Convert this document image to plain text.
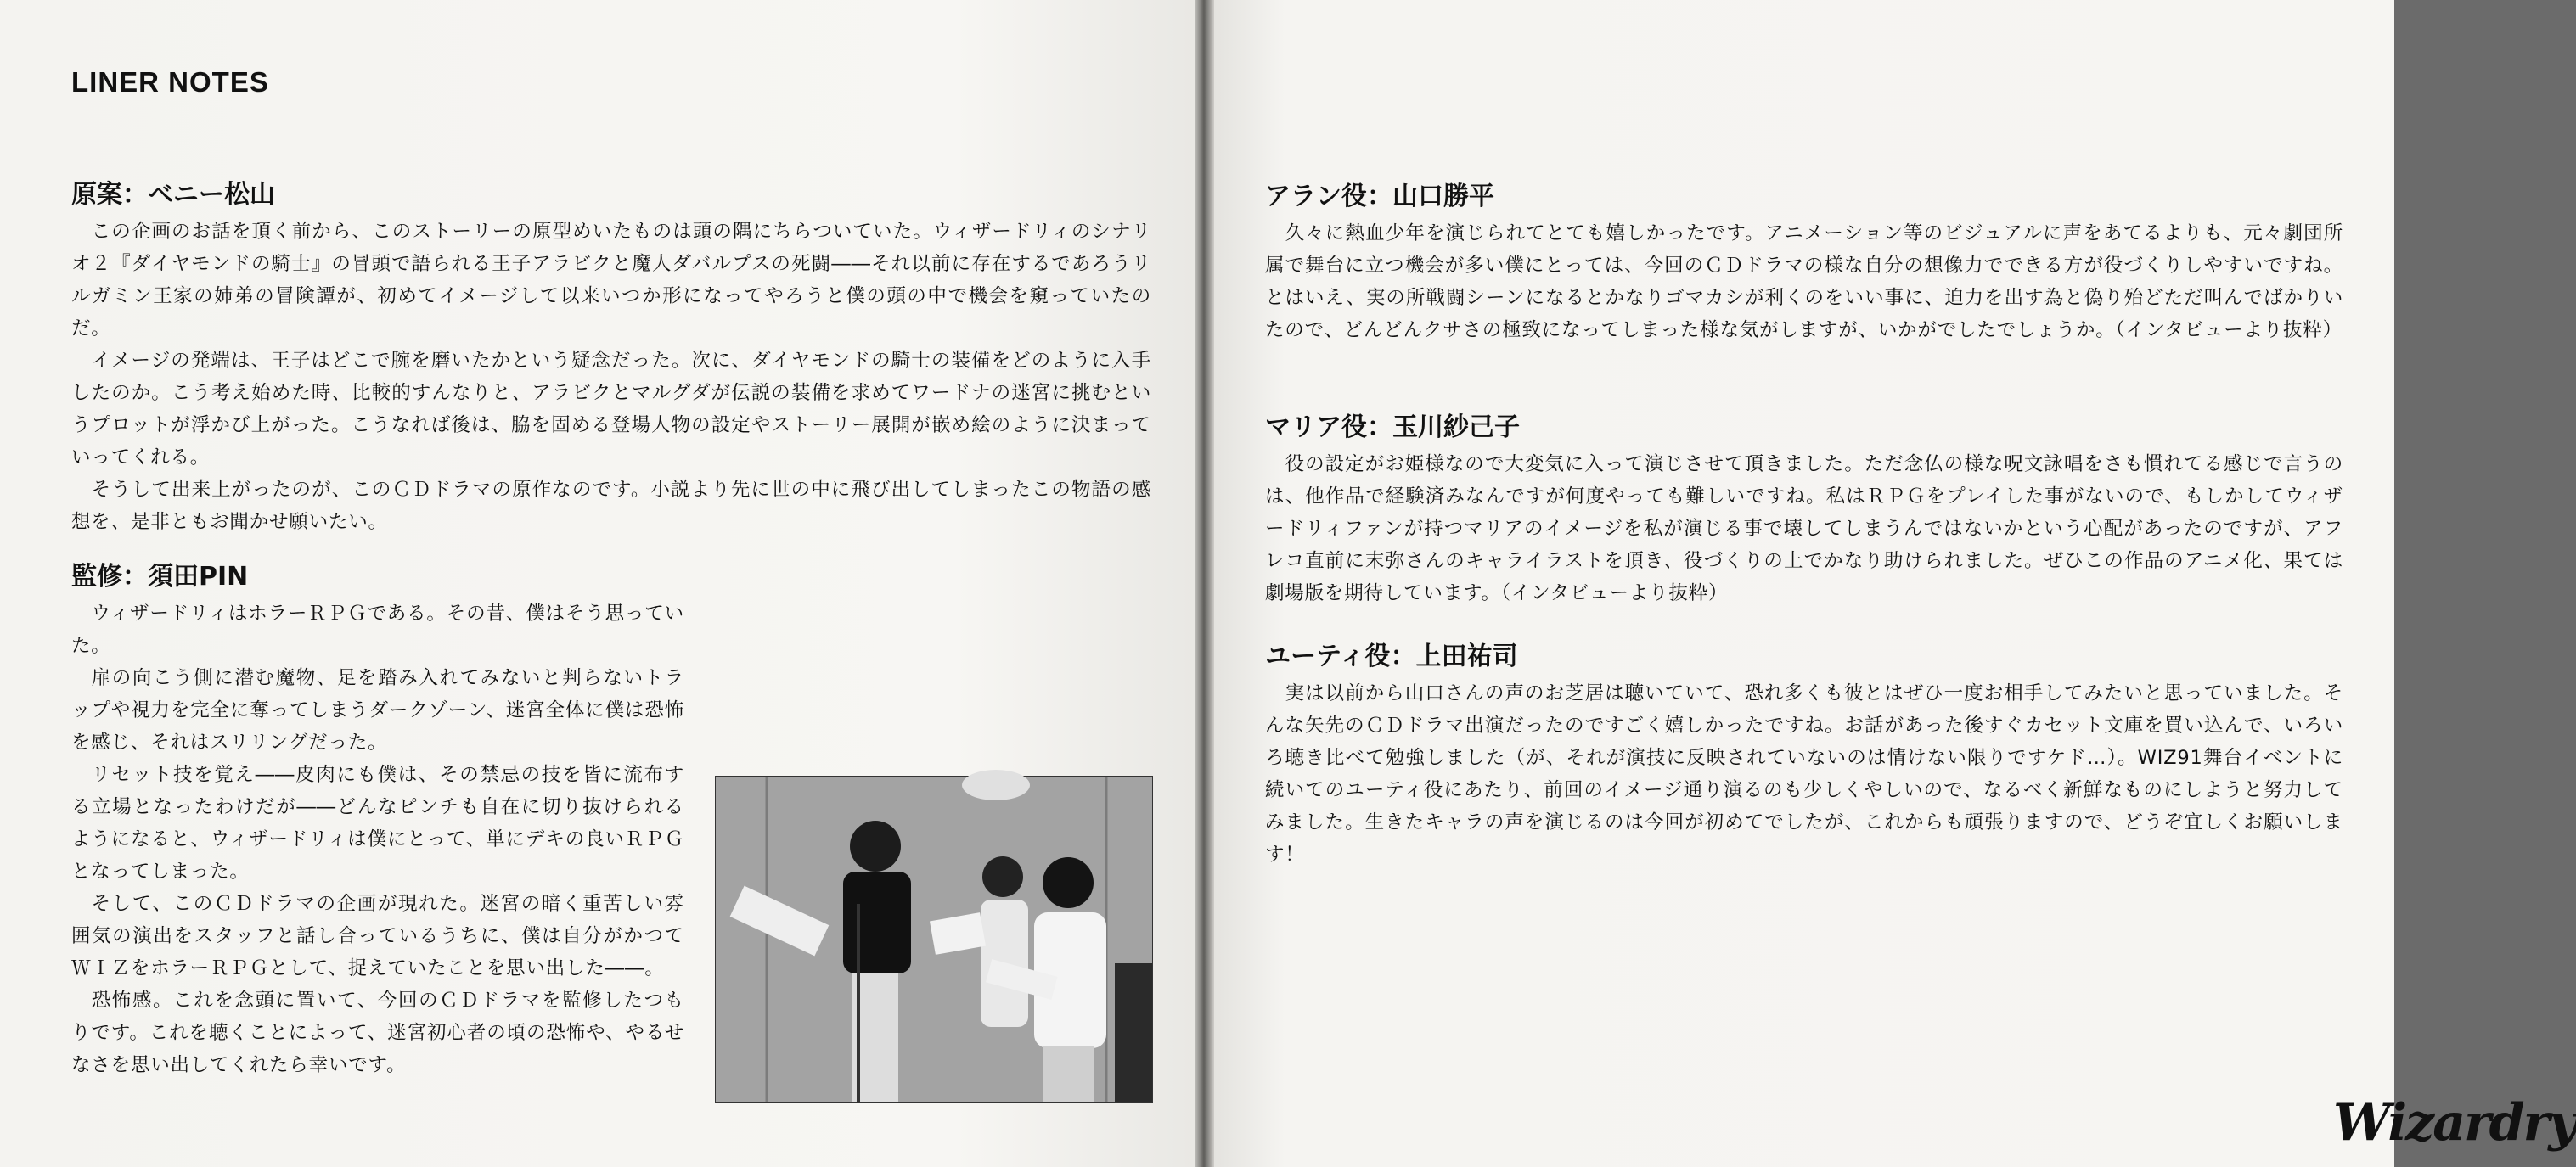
LINER NOTES
原案：ベニー松山

この企画のお話を頂く前から、このストーリーの原型めいたものは頭の隅にちらついていた。ウィザードリィのシナリオ２『ダイヤモンドの騎士』の冒頭で語られる王子アラビクと魔人ダバルプスの死闘――それ以前に存在するであろうリルガミン王家の姉弟の冒険譚が、初めてイメージして以来いつか形になってやろうと僕の頭の中で機会を窺っていたのだ。

イメージの発端は、王子はどこで腕を磨いたかという疑念だった。次に、ダイヤモンドの騎士の装備をどのように入手したのか。こう考え始めた時、比較的すんなりと、アラビクとマルグダが伝説の装備を求めてワードナの迷宮に挑むというプロットが浮かび上がった。こうなれば後は、脇を固める登場人物の設定やストーリー展開が嵌め絵のように決まっていってくれる。

そうして出来上がったのが、このＣＤドラマの原作なのです。小説より先に世の中に飛び出してしまったこの物語の感想を、是非ともお聞かせ願いたい。

監修：須田PIN

ウィザードリィはホラーＲＰＧである。その昔、僕はそう思っていた。

扉の向こう側に潜む魔物、足を踏み入れてみないと判らないトラップや視力を完全に奪ってしまうダークゾーン、迷宮全体に僕は恐怖を感じ、それはスリリングだった。

リセット技を覚え――皮肉にも僕は、その禁忌の技を皆に流布する立場となったわけだが――どんなピンチも自在に切り抜けられるようになると、ウィザードリィは僕にとって、単にデキの良いＲＰＧとなってしまった。

そして、このＣＤドラマの企画が現れた。迷宮の暗く重苦しい雰囲気の演出をスタッフと話し合っているうちに、僕は自分がかつてＷＩＺをホラーＲＰＧとして、捉えていたことを思い出した――。

恐怖感。これを念頭に置いて、今回のＣＤドラマを監修したつもりです。これを聴くことによって、迷宮初心者の頃の恐怖や、やるせなさを思い出してくれたら幸いです。

アラン役：山口勝平

久々に熱血少年を演じられてとても嬉しかったです。アニメーション等のビジュアルに声をあてるよりも、元々劇団所属で舞台に立つ機会が多い僕にとっては、今回のＣＤドラマの様な自分の想像力でできる方が役づくりしやすいですね。とはいえ、実の所戦闘シーンになるとかなりゴマカシが利くのをいい事に、迫力を出す為と偽り殆どただ叫んでばかりいたので、どんどんクサさの極致になってしまった様な気がしますが、いかがでしたでしょうか。（インタビューより抜粋）

マリア役：玉川紗己子

役の設定がお姫様なので大変気に入って演じさせて頂きました。ただ念仏の様な呪文詠唱をさも慣れてる感じで言うのは、他作品で経験済みなんですが何度やっても難しいですね。私はＲＰＧをプレイした事がないので、もしかしてウィザードリィファンが持つマリアのイメージを私が演じる事で壊してしまうんではないかという心配があったのですが、アフレコ直前に末弥さんのキャライラストを頂き、役づくりの上でかなり助けられました。ぜひこの作品のアニメ化、果ては劇場版を期待しています。（インタビューより抜粋）

ユーティ役：上田祐司

実は以前から山口さんの声のお芝居は聴いていて、恐れ多くも彼とはぜひ一度お相手してみたいと思っていました。そんな矢先のＣＤドラマ出演だったのですごく嬉しかったですね。お話があった後すぐカセット文庫を買い込んで、いろいろ聴き比べて勉強しました（が、それが演技に反映されていないのは情けない限りですケド…）。WIZ91舞台イベントに続いてのユーティ役にあたり、前回のイメージ通り演るのも少しくやしいので、なるべく新鮮なものにしようと努力してみました。生きたキャラの声を演じるのは今回が初めてでしたが、これからも頑張りますので、どうぞ宜しくお願いします！

Wizardry
